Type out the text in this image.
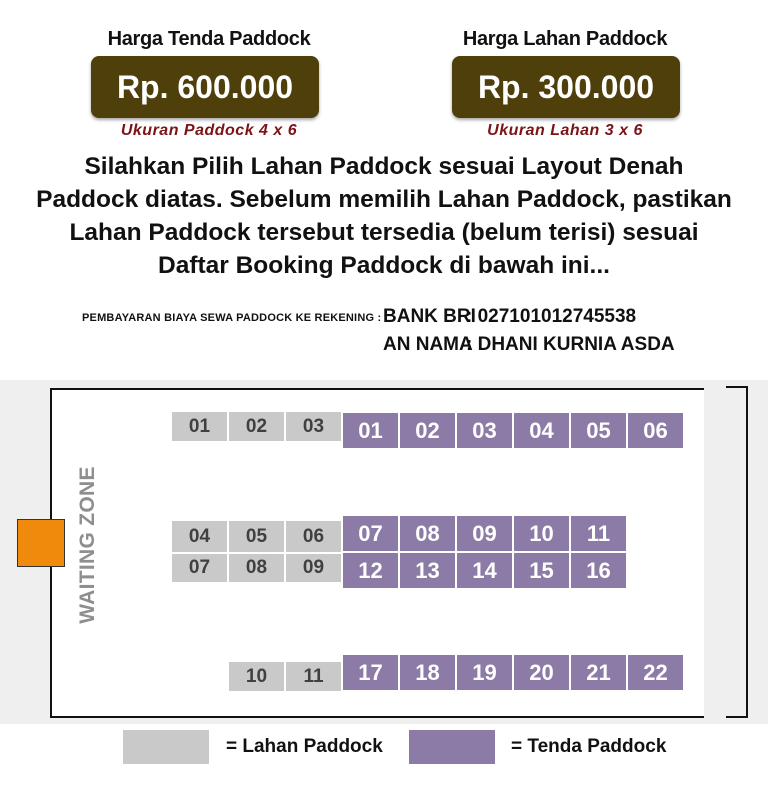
Harga Tenda Paddock
Rp. 600.000
Ukuran Paddock 4 x 6
Harga Lahan Paddock
Rp. 300.000
Ukuran Lahan 3 x 6
Silahkan Pilih Lahan Paddock sesuai Layout Denah
Paddock diatas. Sebelum memilih Lahan Paddock, pastikan
Lahan Paddock tersebut tersedia (belum terisi) sesuai
Daftar Booking Paddock di bawah ini...
PEMBAYARAN BIAYA SEWA PADDOCK KE REKENING : BANK BRI
: 027101012745538
AN NAMA
: DHANI KURNIA ASDA
WAITING ZONE
01	02	03
04	05	06
07	08	09
10	11
01	02	03	04	05	06
07	08	09	10	11
12	13	14	15	16
17	18	19	20	21	22
= Lahan Paddock	= Tenda Paddock
